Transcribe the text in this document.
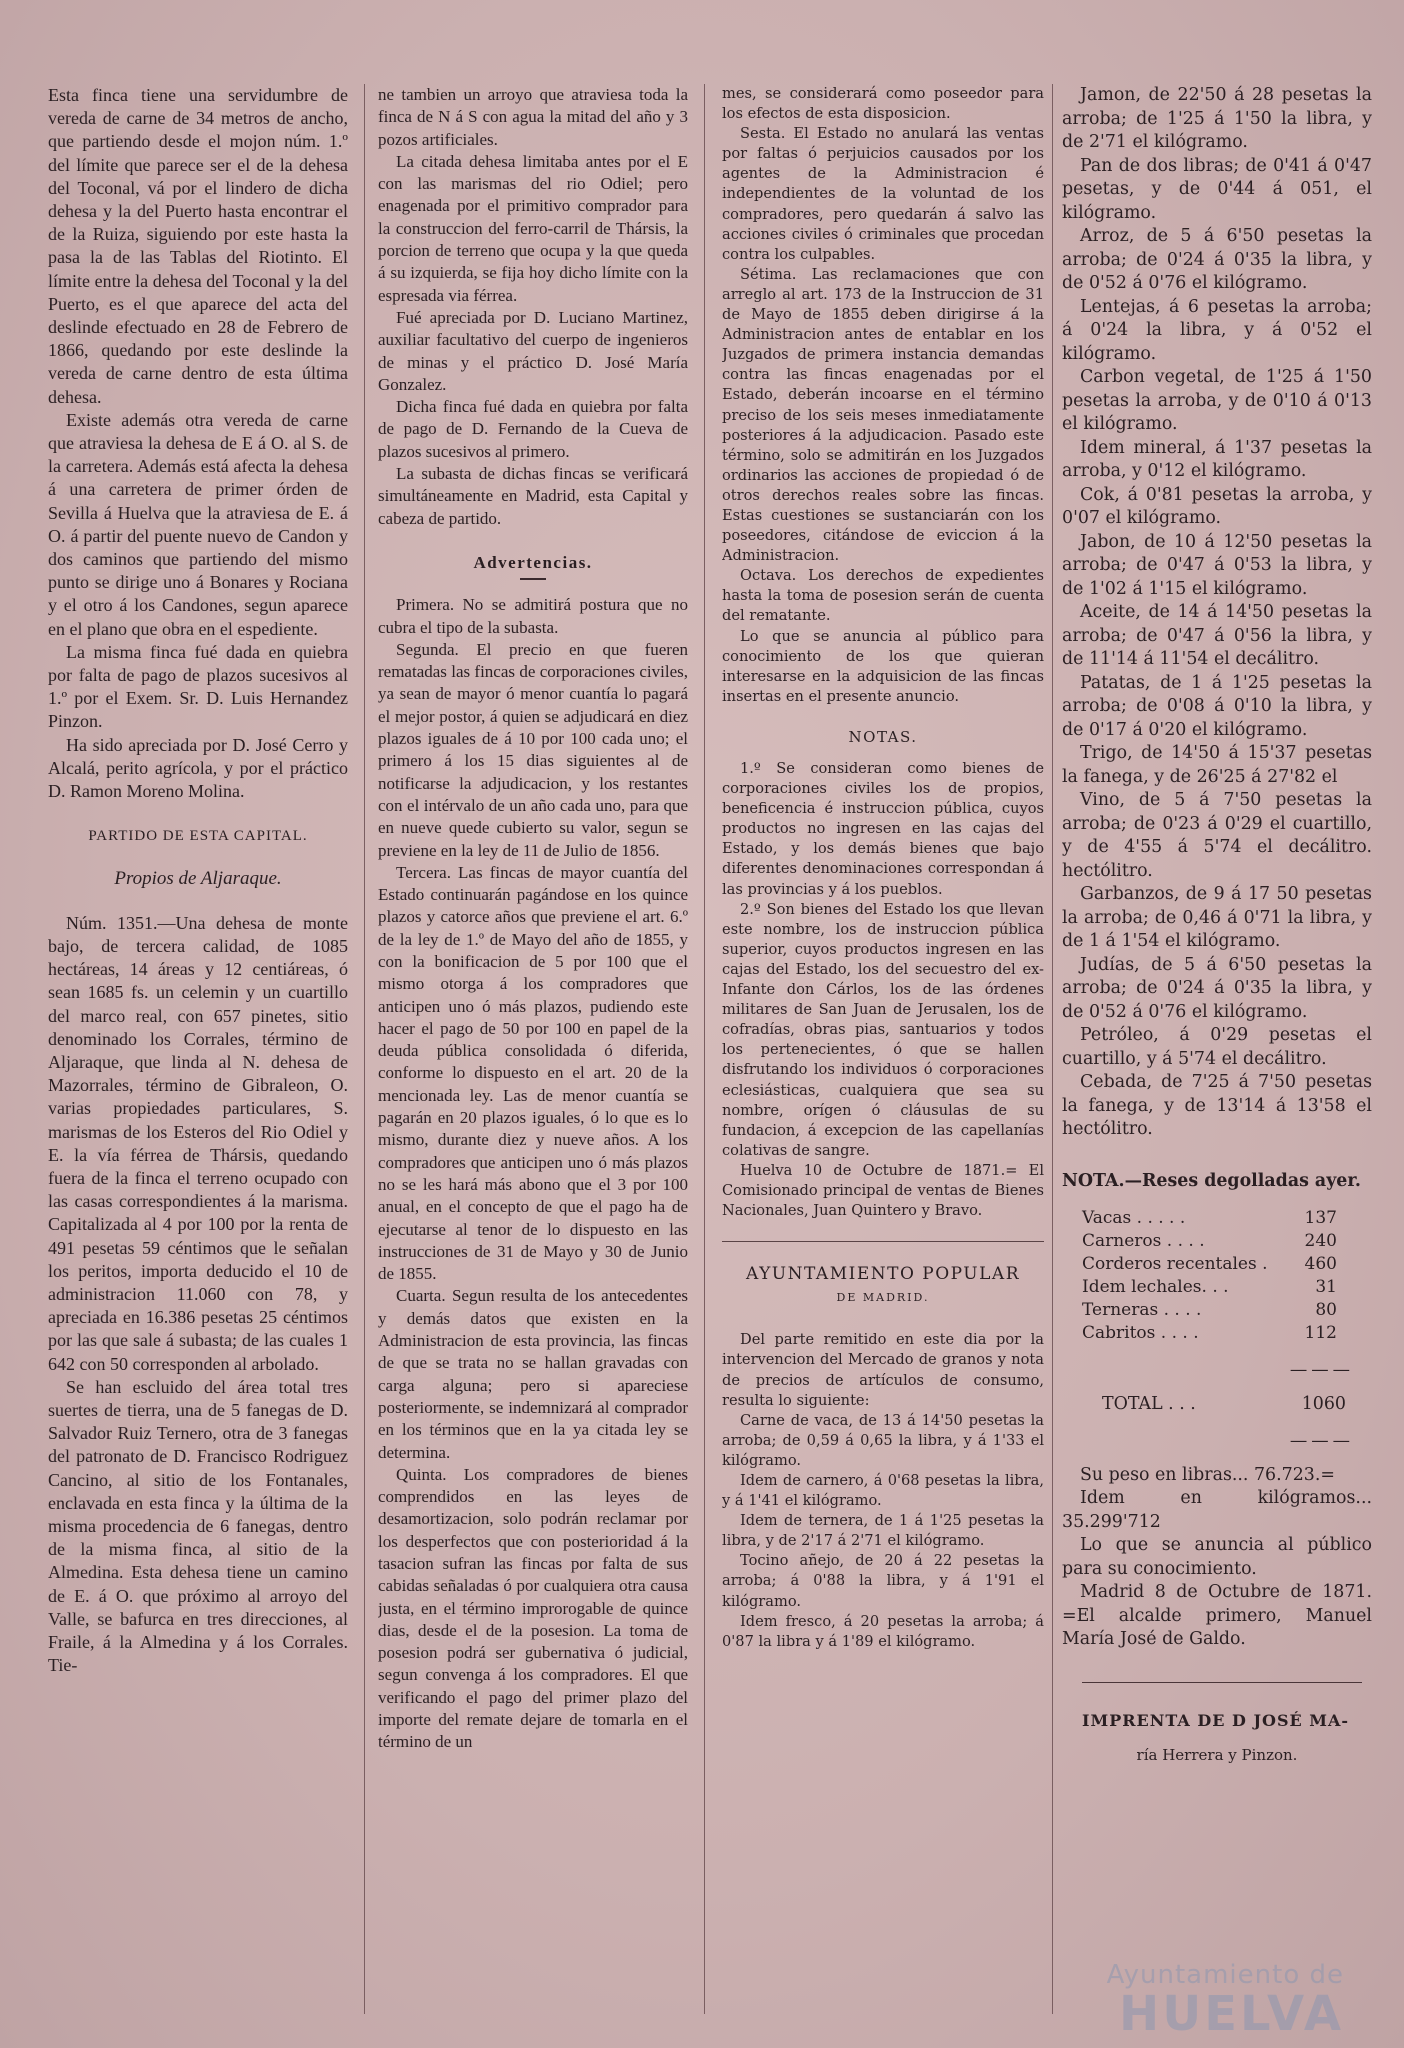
Esta finca tiene una servidumbre de vereda de carne de 34 metros de ancho, que partiendo desde el mojon núm. 1.º del límite que parece ser el de la dehesa del Toconal, vá por el lindero de dicha dehesa y la del Puerto hasta encontrar el de la Ruiza, siguiendo por este hasta la pasa la de las Tablas del Riotinto. El límite entre la dehesa del Toconal y la del Puerto, es el que aparece del acta del deslinde efectuado en 28 de Febrero de 1866, quedando por este deslinde la vereda de carne dentro de esta última dehesa.

Existe además otra vereda de carne que atraviesa la dehesa de E á O. al S. de la carretera. Además está afecta la dehesa á una carretera de primer órden de Sevilla á Huelva que la atraviesa de E. á O. á partir del puente nuevo de Candon y dos caminos que partiendo del mismo punto se dirige uno á Bonares y Rociana y el otro á los Candones, segun aparece en el plano que obra en el espediente.

La misma finca fué dada en quiebra por falta de pago de plazos sucesivos al 1.º por el Exem. Sr. D. Luis Hernandez Pinzon.

Ha sido apreciada por D. José Cerro y Alcalá, perito agrícola, y por el práctico D. Ramon Moreno Molina.

PARTIDO DE ESTA CAPITAL.

Propios de Aljaraque.

Núm. 1351.—Una dehesa de monte bajo, de tercera calidad, de 1085 hectáreas, 14 áreas y 12 centiáreas, ó sean 1685 fs. un celemin y un cuartillo del marco real, con 657 pinetes, sitio denominado los Corrales, término de Aljaraque, que linda al N. dehesa de Mazorrales, término de Gibraleon, O. varias propiedades particulares, S. marismas de los Esteros del Rio Odiel y E. la vía férrea de Thársis, quedando fuera de la finca el terreno ocupado con las casas correspondientes á la marisma. Capitalizada al 4 por 100 por la renta de 491 pesetas 59 céntimos que le señalan los peritos, importa deducido el 10 de administracion 11.060 con 78, y apreciada en 16.386 pesetas 25 céntimos por las que sale á subasta; de las cuales 1 642 con 50 corresponden al arbolado.

Se han escluido del área total tres suertes de tierra, una de 5 fanegas de D. Salvador Ruiz Ternero, otra de 3 fanegas del patronato de D. Francisco Rodriguez Cancino, al sitio de los Fontanales, enclavada en esta finca y la última de la misma procedencia de 6 fanegas, dentro de la misma finca, al sitio de la Almedina. Esta dehesa tiene un camino de E. á O. que próximo al arroyo del Valle, se bafurca en tres direcciones, al Fraile, á la Almedina y á los Corrales. Tie-

ne tambien un arroyo que atraviesa toda la finca de N á S con agua la mitad del año y 3 pozos artificiales.

La citada dehesa limitaba antes por el E con las marismas del rio Odiel; pero enagenada por el primitivo comprador para la construccion del ferro-carril de Thársis, la porcion de terreno que ocupa y la que queda á su izquierda, se fija hoy dicho límite con la espresada via férrea.

Fué apreciada por D. Luciano Martinez, auxiliar facultativo del cuerpo de ingenieros de minas y el práctico D. José María Gonzalez.

Dicha finca fué dada en quiebra por falta de pago de D. Fernando de la Cueva de plazos sucesivos al primero.

La subasta de dichas fincas se verificará simultáneamente en Madrid, esta Capital y cabeza de partido.

Advertencias.

Primera. No se admitirá postura que no cubra el tipo de la subasta.

Segunda. El precio en que fueren rematadas las fincas de corporaciones civiles, ya sean de mayor ó menor cuantía lo pagará el mejor postor, á quien se adjudicará en diez plazos iguales de á 10 por 100 cada uno; el primero á los 15 dias siguientes al de notificarse la adjudicacion, y los restantes con el intérvalo de un año cada uno, para que en nueve quede cubierto su valor, segun se previene en la ley de 11 de Julio de 1856.

Tercera. Las fincas de mayor cuantía del Estado continuarán pagándose en los quince plazos y catorce años que previene el art. 6.º de la ley de 1.º de Mayo del año de 1855, y con la bonificacion de 5 por 100 que el mismo otorga á los compradores que anticipen uno ó más plazos, pudiendo este hacer el pago de 50 por 100 en papel de la deuda pública consolidada ó diferida, conforme lo dispuesto en el art. 20 de la mencionada ley. Las de menor cuantía se pagarán en 20 plazos iguales, ó lo que es lo mismo, durante diez y nueve años. A los compradores que anticipen uno ó más plazos no se les hará más abono que el 3 por 100 anual, en el concepto de que el pago ha de ejecutarse al tenor de lo dispuesto en las instrucciones de 31 de Mayo y 30 de Junio de 1855.

Cuarta. Segun resulta de los antecedentes y demás datos que existen en la Administracion de esta provincia, las fincas de que se trata no se hallan gravadas con carga alguna; pero si apareciese posteriormente, se indemnizará al comprador en los términos que en la ya citada ley se determina.

Quinta. Los compradores de bienes comprendidos en las leyes de desamortizacion, solo podrán reclamar por los desperfectos que con posterioridad á la tasacion sufran las fincas por falta de sus cabidas señaladas ó por cualquiera otra causa justa, en el término improrogable de quince dias, desde el de la posesion. La toma de posesion podrá ser gubernativa ó judicial, segun convenga á los compradores. El que verificando el pago del primer plazo del importe del remate dejare de tomarla en el término de un

mes, se considerará como poseedor para los efectos de esta disposicion.

Sesta. El Estado no anulará las ventas por faltas ó perjuicios causados por los agentes de la Administracion é independientes de la voluntad de los compradores, pero quedarán á salvo las acciones civiles ó criminales que procedan contra los culpables.

Sétima. Las reclamaciones que con arreglo al art. 173 de la Instruccion de 31 de Mayo de 1855 deben dirigirse á la Administracion antes de entablar en los Juzgados de primera instancia demandas contra las fincas enagenadas por el Estado, deberán incoarse en el término preciso de los seis meses inmediatamente posteriores á la adjudicacion. Pasado este término, solo se admitirán en los Juzgados ordinarios las acciones de propiedad ó de otros derechos reales sobre las fincas. Estas cuestiones se sustanciarán con los poseedores, citándose de eviccion á la Administracion.

Octava. Los derechos de expedientes hasta la toma de posesion serán de cuenta del rematante.

Lo que se anuncia al público para conocimiento de los que quieran interesarse en la adquisicion de las fincas insertas en el presente anuncio.

NOTAS.

1.º Se consideran como bienes de corporaciones civiles los de propios, beneficencia é instruccion pública, cuyos productos no ingresen en las cajas del Estado, y los demás bienes que bajo diferentes denominaciones correspondan á las provincias y á los pueblos.

2.º Son bienes del Estado los que llevan este nombre, los de instruccion pública superior, cuyos productos ingresen en las cajas del Estado, los del secuestro del ex-Infante don Cárlos, los de las órdenes militares de San Juan de Jerusalen, los de cofradías, obras pias, santuarios y todos los pertenecientes, ó que se hallen disfrutando los individuos ó corporaciones eclesiásticas, cualquiera que sea su nombre, orígen ó cláusulas de su fundacion, á excepcion de las capellanías colativas de sangre.

Huelva 10 de Octubre de 1871.= El Comisionado principal de ventas de Bienes Nacionales, Juan Quintero y Bravo.

AYUNTAMIENTO POPULAR

DE MADRID.

Del parte remitido en este dia por la intervencion del Mercado de granos y nota de precios de artículos de consumo, resulta lo siguiente:

Carne de vaca, de 13 á 14'50 pesetas la arroba; de 0,59 á 0,65 la libra, y á 1'33 el kilógramo.

Idem de carnero, á 0'68 pesetas la libra, y á 1'41 el kilógramo.

Idem de ternera, de 1 á 1'25 pesetas la libra, y de 2'17 á 2'71 el kilógramo.

Tocino añejo, de 20 á 22 pesetas la arroba; á 0'88 la libra, y á 1'91 el kilógramo.

Idem fresco, á 20 pesetas la arroba; á 0'87 la libra y á 1'89 el kilógramo.

Jamon, de 22'50 á 28 pesetas la arroba; de 1'25 á 1'50 la libra, y de 2'71 el kilógramo.

Pan de dos libras; de 0'41 á 0'47 pesetas, y de 0'44 á 051, el kilógramo.

Arroz, de 5 á 6'50 pesetas la arroba; de 0'24 á 0'35 la libra, y de 0'52 á 0'76 el kilógramo.

Lentejas, á 6 pesetas la arroba; á 0'24 la libra, y á 0'52 el kilógramo.

Carbon vegetal, de 1'25 á 1'50 pesetas la arroba, y de 0'10 á 0'13 el kilógramo.

Idem mineral, á 1'37 pesetas la arroba, y 0'12 el kilógramo.

Cok, á 0'81 pesetas la arroba, y 0'07 el kilógramo.

Jabon, de 10 á 12'50 pesetas la arroba; de 0'47 á 0'53 la libra, y de 1'02 á 1'15 el kilógramo.

Aceite, de 14 á 14'50 pesetas la arroba; de 0'47 á 0'56 la libra, y de 11'14 á 11'54 el decálitro.

Patatas, de 1 á 1'25 pesetas la arroba; de 0'08 á 0'10 la libra, y de 0'17 á 0'20 el kilógramo.

Trigo, de 14'50 á 15'37 pesetas la fanega, y de 26'25 á 27'82 el

Vino, de 5 á 7'50 pesetas la arroba; de 0'23 á 0'29 el cuartillo, y de 4'55 á 5'74 el decálitro. hectólitro.

Garbanzos, de 9 á 17 50 pesetas la arroba; de 0,46 á 0'71 la libra, y de 1 á 1'54 el kilógramo.

Judías, de 5 á 6'50 pesetas la arroba; de 0'24 á 0'35 la libra, y de 0'52 á 0'76 el kilógramo.

Petróleo, á 0'29 pesetas el cuartillo, y á 5'74 el decálitro.

Cebada, de 7'25 á 7'50 pesetas la fanega, y de 13'14 á 13'58 el hectólitro.

NOTA.—Reses degolladas ayer.

Vacas . . . . .	137
Carneros . . . .	240
Corderos recentales .	460
Idem lechales. . .	31
Terneras . . . .	80
Cabritos . . . .	112

———

TOTAL . . .	1060

———

Su peso en libras... 76.723.=

Idem en kilógramos... 35.299'712

Lo que se anuncia al público para su conocimiento.

Madrid 8 de Octubre de 1871. =El alcalde primero, Manuel María José de Galdo.

IMPRENTA DE D JOSÉ MA-

ría Herrera y Pinzon.

Ayuntamiento de
HUELVA
